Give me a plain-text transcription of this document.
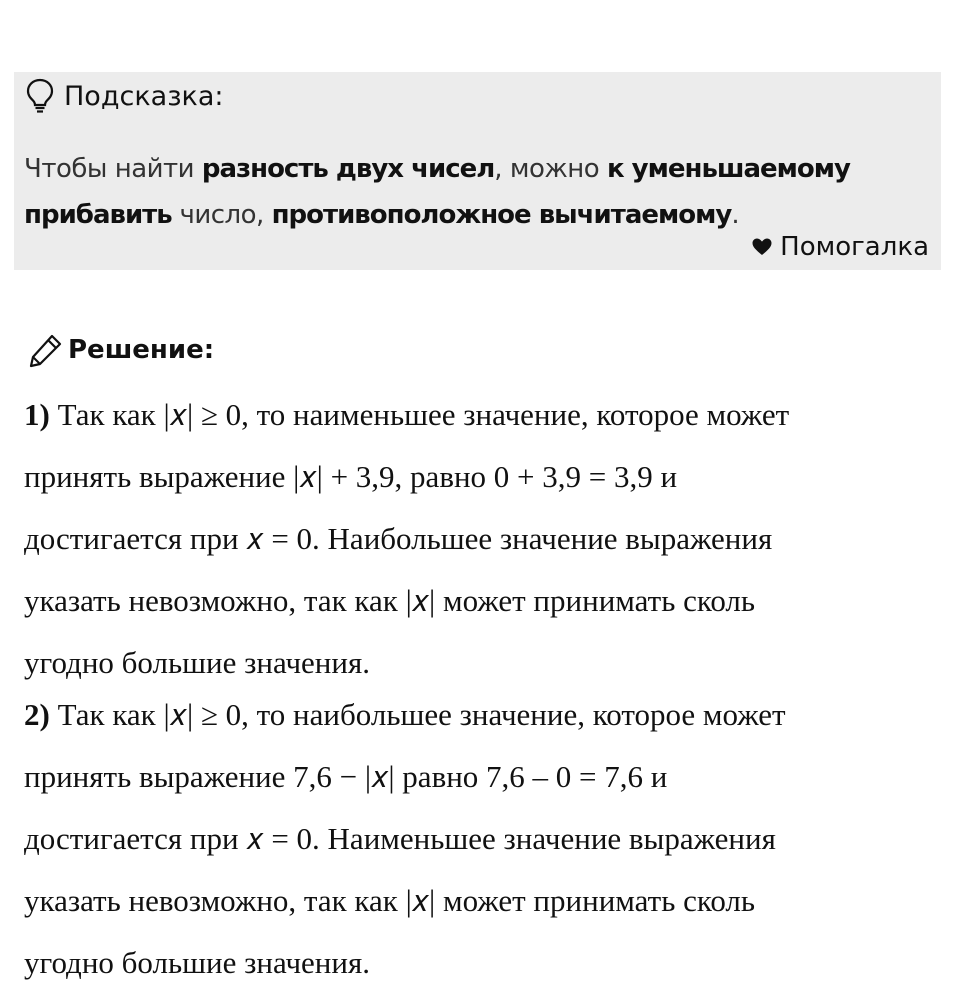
Подсказка:
Чтобы найти разность двух чисел, можно к уменьшаемому прибавить число, противоположное вычитаемому.
Помогалка
Решение:
1) Так как |𝑥| ≥ 0, то наименьшее значение, которое может
принять выражение |𝑥| + 3,9, равно 0 + 3,9 = 3,9 и
достигается при 𝑥 = 0. Наибольшее значение выражения
указать невозможно, так как |𝑥| может принимать сколь
угодно большие значения.
2) Так как |𝑥| ≥ 0, то наибольшее значение, которое может
принять выражение 7,6 − |𝑥| равно 7,6 – 0 = 7,6 и
достигается при 𝑥 = 0. Наименьшее значение выражения
указать невозможно, так как |𝑥| может принимать сколь
угодно большие значения.
